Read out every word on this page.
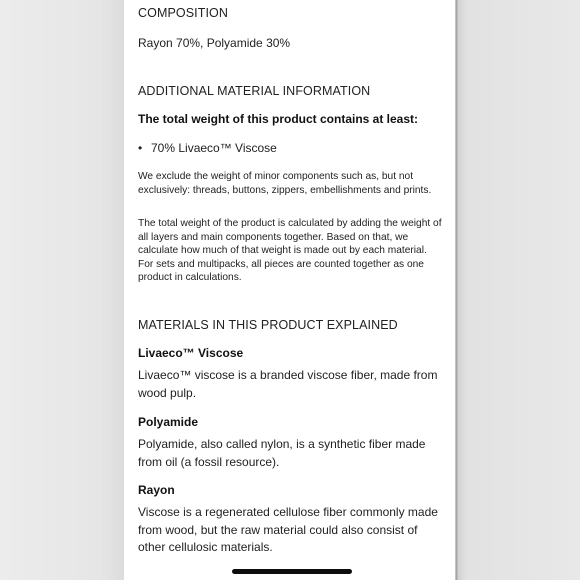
COMPOSITION
Rayon 70%, Polyamide 30%
ADDITIONAL MATERIAL INFORMATION
The total weight of this product contains at least:
• 70% Livaeco™ Viscose
We exclude the weight of minor components such as, but not exclusively: threads, buttons, zippers, embellishments and prints.
The total weight of the product is calculated by adding the weight of all layers and main components together. Based on that, we calculate how much of that weight is made out by each material. For sets and multipacks, all pieces are counted together as one product in calculations.
MATERIALS IN THIS PRODUCT EXPLAINED
Livaeco™ Viscose
Livaeco™ viscose is a branded viscose fiber, made from wood pulp.
Polyamide
Polyamide, also called nylon, is a synthetic fiber made from oil (a fossil resource).
Rayon
Viscose is a regenerated cellulose fiber commonly made from wood, but the raw material could also consist of other cellulosic materials.
